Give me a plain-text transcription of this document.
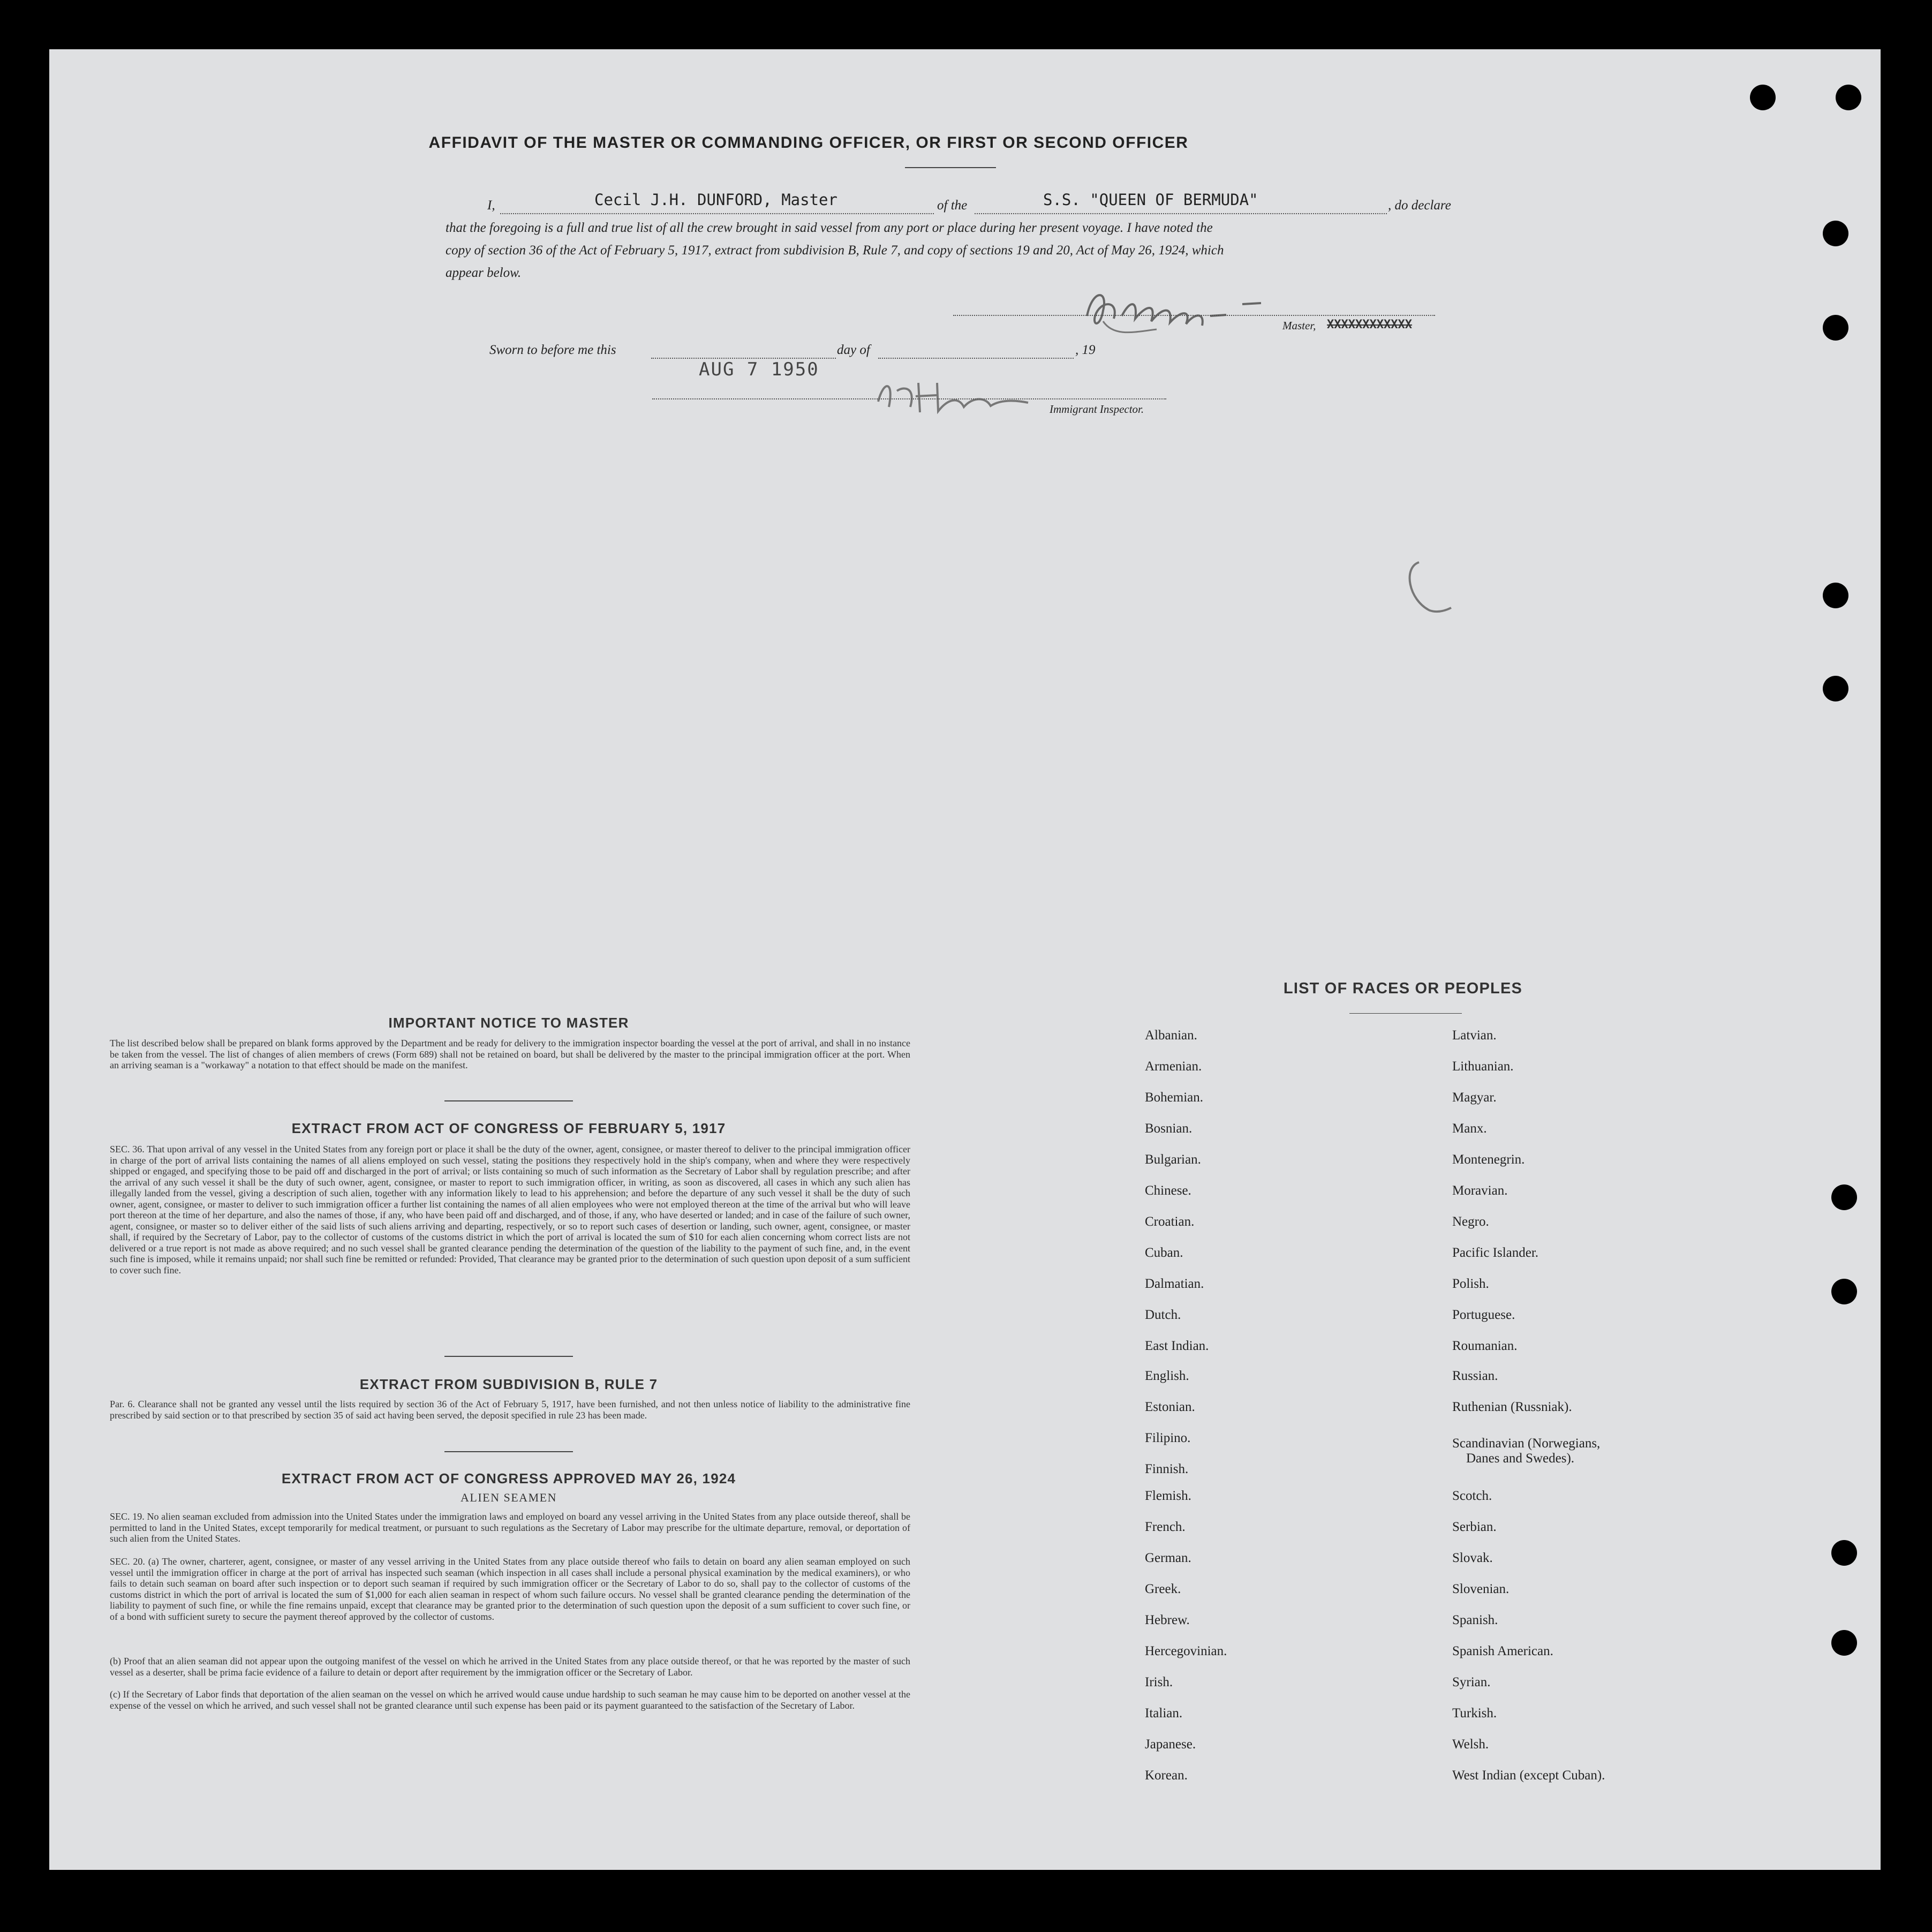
AFFIDAVIT OF THE MASTER OR COMMANDING OFFICER, OR FIRST OR SECOND OFFICER
I,	Cecil J.H. DUNFORD, Master	of the	S.S. "QUEEN OF BERMUDA"	, do declare
that the foregoing is a full and true list of all the crew brought in said vessel from any port or place during her present voyage. I have noted the
copy of section 36 of the Act of February 5, 1917, extract from subdivision B, Rule 7, and copy of sections 19 and 20, Act of May 26, 1924, which
appear below.
Master, XXXXXXXXXXXX
Sworn to before me this	day of	, 19
AUG 7 1950
Immigrant Inspector.
IMPORTANT NOTICE TO MASTER
The list described below shall be prepared on blank forms approved by the Department and be ready for delivery to the immigration inspector boarding the vessel at the port of arrival, and shall in no instance be taken from the vessel. The list of changes of alien members of crews (Form 689) shall not be retained on board, but shall be delivered by the master to the principal immigration officer at the port. When an arriving seaman is a "workaway" a notation to that effect should be made on the manifest.
EXTRACT FROM ACT OF CONGRESS OF FEBRUARY 5, 1917
SEC. 36. That upon arrival of any vessel in the United States from any foreign port or place it shall be the duty of the owner, agent, consignee, or master thereof to deliver to the principal immigration officer in charge of the port of arrival lists containing the names of all aliens employed on such vessel, stating the positions they respectively hold in the ship's company, when and where they were respectively shipped or engaged, and specifying those to be paid off and discharged in the port of arrival; or lists containing so much of such information as the Secretary of Labor shall by regulation prescribe; and after the arrival of any such vessel it shall be the duty of such owner, agent, consignee, or master to report to such immigration officer, in writing, as soon as discovered, all cases in which any such alien has illegally landed from the vessel, giving a description of such alien, together with any information likely to lead to his apprehension; and before the departure of any such vessel it shall be the duty of such owner, agent, consignee, or master to deliver to such immigration officer a further list containing the names of all alien employees who were not employed thereon at the time of the arrival but who will leave port thereon at the time of her departure, and also the names of those, if any, who have been paid off and discharged, and of those, if any, who have deserted or landed; and in case of the failure of such owner, agent, consignee, or master so to deliver either of the said lists of such aliens arriving and departing, respectively, or so to report such cases of desertion or landing, such owner, agent, consignee, or master shall, if required by the Secretary of Labor, pay to the collector of customs of the customs district in which the port of arrival is located the sum of $10 for each alien concerning whom correct lists are not delivered or a true report is not made as above required; and no such vessel shall be granted clearance pending the determination of the question of the liability to the payment of such fine, and, in the event such fine is imposed, while it remains unpaid; nor shall such fine be remitted or refunded: Provided, That clearance may be granted prior to the determination of such question upon deposit of a sum sufficient to cover such fine.
EXTRACT FROM SUBDIVISION B, RULE 7
Par. 6. Clearance shall not be granted any vessel until the lists required by section 36 of the Act of February 5, 1917, have been furnished, and not then unless notice of liability to the administrative fine prescribed by said section or to that prescribed by section 35 of said act having been served, the deposit specified in rule 23 has been made.
EXTRACT FROM ACT OF CONGRESS APPROVED MAY 26, 1924
ALIEN SEAMEN
SEC. 19. No alien seaman excluded from admission into the United States under the immigration laws and employed on board any vessel arriving in the United States from any place outside thereof, shall be permitted to land in the United States, except temporarily for medical treatment, or pursuant to such regulations as the Secretary of Labor may prescribe for the ultimate departure, removal, or deportation of such alien from the United States.
SEC. 20. (a) The owner, charterer, agent, consignee, or master of any vessel arriving in the United States from any place outside thereof who fails to detain on board any alien seaman employed on such vessel until the immigration officer in charge at the port of arrival has inspected such seaman (which inspection in all cases shall include a personal physical examination by the medical examiners), or who fails to detain such seaman on board after such inspection or to deport such seaman if required by such immigration officer or the Secretary of Labor to do so, shall pay to the collector of customs of the customs district in which the port of arrival is located the sum of $1,000 for each alien seaman in respect of whom such failure occurs. No vessel shall be granted clearance pending the determination of the liability to payment of such fine, or while the fine remains unpaid, except that clearance may be granted prior to the determination of such question upon the deposit of a sum sufficient to cover such fine, or of a bond with sufficient surety to secure the payment thereof approved by the collector of customs.
(b) Proof that an alien seaman did not appear upon the outgoing manifest of the vessel on which he arrived in the United States from any place outside thereof, or that he was reported by the master of such vessel as a deserter, shall be prima facie evidence of a failure to detain or deport after requirement by the immigration officer or the Secretary of Labor.
(c) If the Secretary of Labor finds that deportation of the alien seaman on the vessel on which he arrived would cause undue hardship to such seaman he may cause him to be deported on another vessel at the expense of the vessel on which he arrived, and such vessel shall not be granted clearance until such expense has been paid or its payment guaranteed to the satisfaction of the Secretary of Labor.
LIST OF RACES OR PEOPLES
Albanian.
Armenian.
Bohemian.
Bosnian.
Bulgarian.
Chinese.
Croatian.
Cuban.
Dalmatian.
Dutch.
East Indian.
English.
Estonian.
Filipino.
Finnish.
Flemish.
French.
German.
Greek.
Hebrew.
Hercegovinian.
Irish.
Italian.
Japanese.
Korean.
Latvian.
Lithuanian.
Magyar.
Manx.
Montenegrin.
Moravian.
Negro.
Pacific Islander.
Polish.
Portuguese.
Roumanian.
Russian.
Ruthenian (Russniak).
Scandinavian (Norwegians,
Danes and Swedes).
Scotch.
Serbian.
Slovak.
Slovenian.
Spanish.
Spanish American.
Syrian.
Turkish.
Welsh.
West Indian (except Cuban).
